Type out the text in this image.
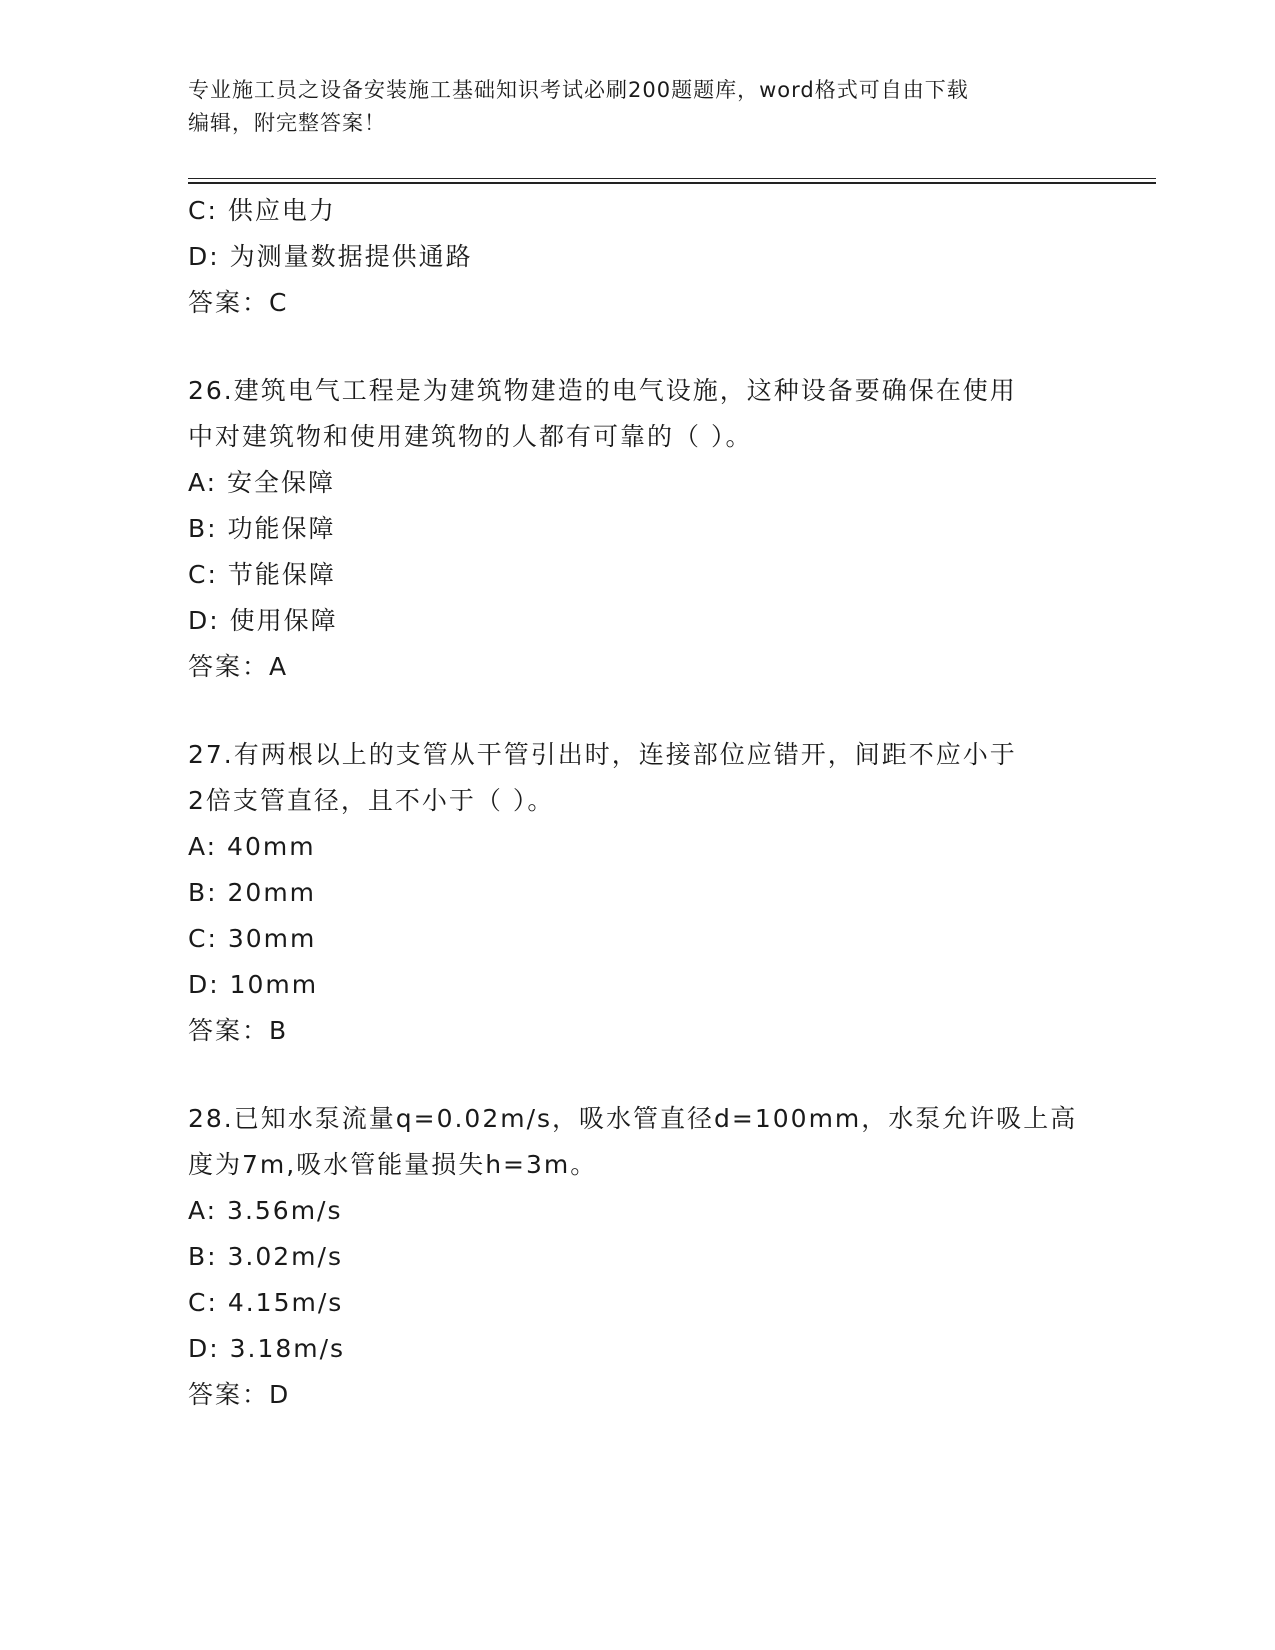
专业施工员之设备安装施工基础知识考试必刷200题题库，word格式可自由下载
编辑，附完整答案！
C: 供应电力
D: 为测量数据提供通路
答案：C
26.建筑电气工程是为建筑物建造的电气设施，这种设备要确保在使用
中对建筑物和使用建筑物的人都有可靠的（ ）。
A: 安全保障
B: 功能保障
C: 节能保障
D: 使用保障
答案：A
27.有两根以上的支管从干管引出时，连接部位应错开，间距不应小于
2倍支管直径，且不小于（ ）。
A: 40mm
B: 20mm
C: 30mm
D: 10mm
答案：B
28.已知水泵流量q=0.02m/s，吸水管直径d=100mm，水泵允许吸上高
度为7m,吸水管能量损失h=3m。
A: 3.56m/s
B: 3.02m/s
C: 4.15m/s
D: 3.18m/s
答案：D
